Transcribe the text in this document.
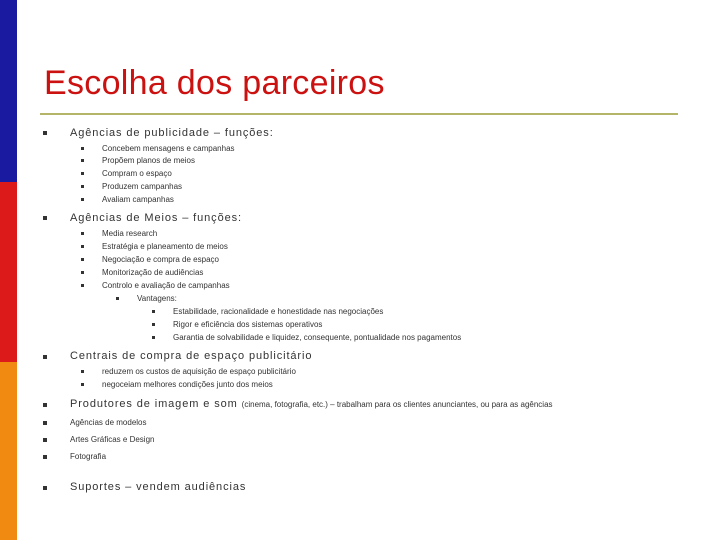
Escolha dos parceiros
Agências de publicidade – funções:
Concebem mensagens e campanhas
Propõem planos de meios
Compram o espaço
Produzem campanhas
Avaliam campanhas
Agências de Meios – funções:
Media research
Estratégia e planeamento de meios
Negociação e compra de espaço
Monitorização de audiências
Controlo e avaliação de campanhas
Vantagens:
Estabilidade, racionalidade e honestidade nas negociações
Rigor e eficiência dos sistemas operativos
Garantia de solvabilidade e liquidez, consequente, pontualidade nos pagamentos
Centrais de compra de espaço publicitário
reduzem os custos de aquisição de espaço publicitário
negoceiam melhores condições junto dos meios
Produtores de imagem e som (cinema, fotografia, etc.) – trabalham para os clientes anunciantes, ou para as agências
Agências de modelos
Artes Gráficas e Design
Fotografia
Suportes – vendem audiências
